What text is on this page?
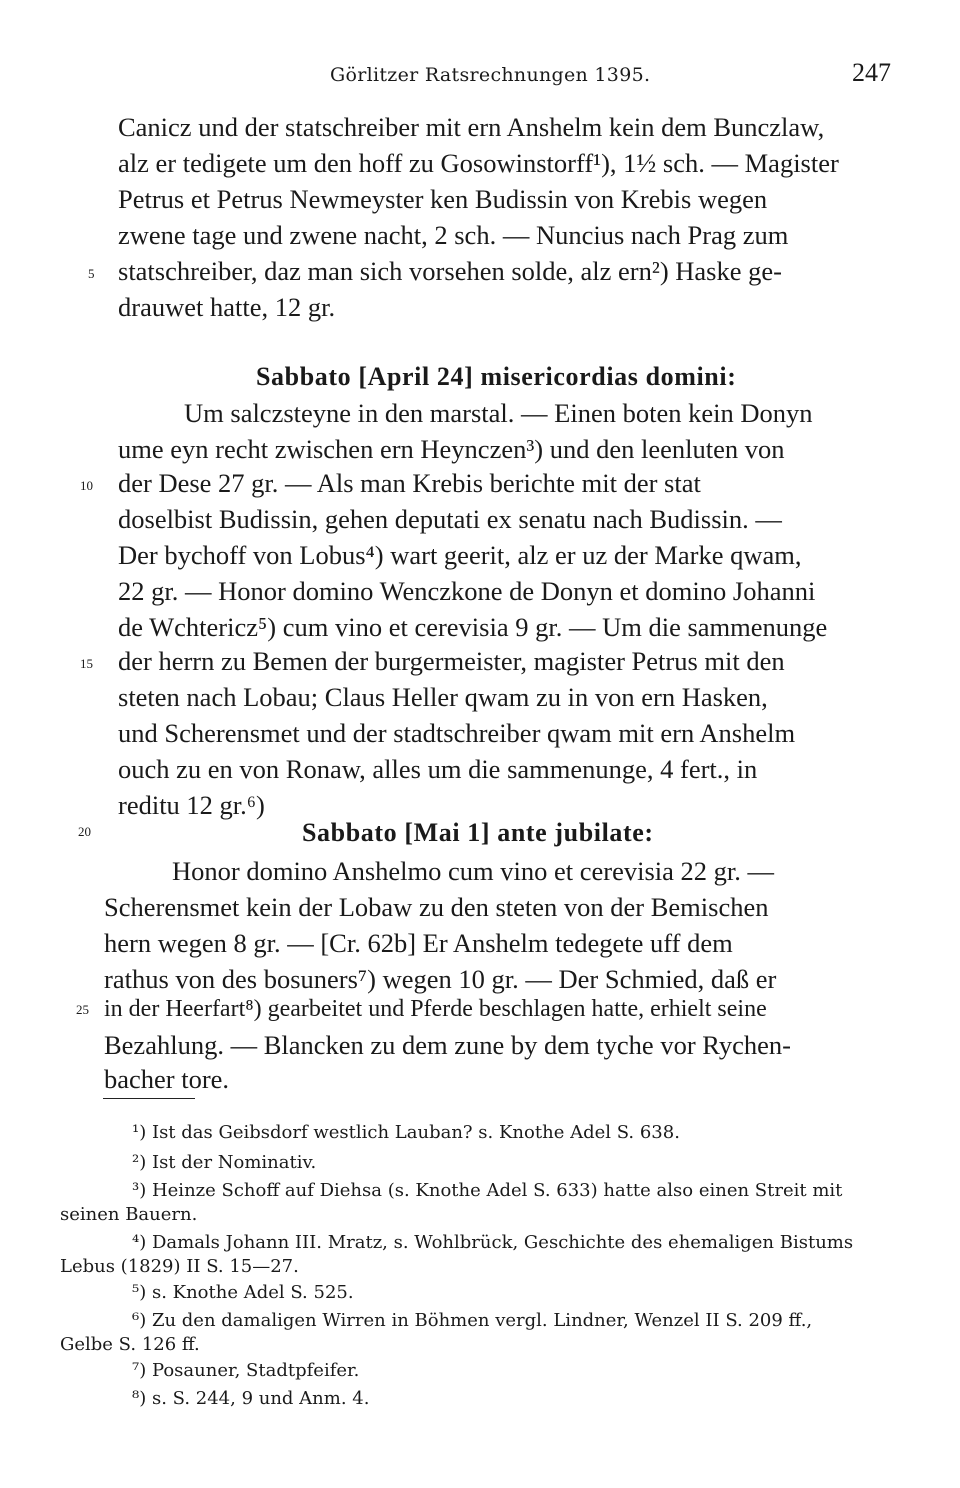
Görlitzer Ratsrechnungen 1395.	247
Canicz und der statschreiber mit ern Anshelm kein dem Bunczlaw,
alz er tedigete um den hoff zu Gosowinstorff¹), 1½ sch. — Magister
Petrus et Petrus Newmeyster ken Budissin von Krebis wegen
zwene tage und zwene nacht, 2 sch. — Nuncius nach Prag zum
5 statschreiber, daz man sich vorsehen solde, alz ern²) Haske ge-
drauwet hatte, 12 gr.
Sabbato [April 24] misericordias domini:
Um salczsteyne in den marstal. — Einen boten kein Donyn
ume eyn recht zwischen ern Heynczen³) und den leenluten von
10 der Dese 27 gr. — Als man Krebis berichte mit der stat
doselbist Budissin, gehen deputati ex senatu nach Budissin. —
Der bychoff von Lobus⁴) wart geerit, alz er uz der Marke qwam,
22 gr. — Honor domino Wenczkone de Donyn et domino Johanni
de Wchtericz⁵) cum vino et cerevisia 9 gr. — Um die sammenunge
15 der herrn zu Bemen der burgermeister, magister Petrus mit den
steten nach Lobau; Claus Heller qwam zu in von ern Hasken,
und Scherensmet und der stadtschreiber qwam mit ern Anshelm
ouch zu en von Ronaw, alles um die sammenunge, 4 fert., in
reditu 12 gr.⁶)
20	Sabbato [Mai 1] ante jubilate:
Honor domino Anshelmo cum vino et cerevisia 22 gr. —
Scherensmet kein der Lobaw zu den steten von der Bemischen
hern wegen 8 gr. — [Cr. 62b] Er Anshelm tedegete uff dem
rathus von des bosuners⁷) wegen 10 gr. — Der Schmied, daß er
25 in der Heerfart⁸) gearbeitet und Pferde beschlagen hatte, erhielt seine
Bezahlung. — Blancken zu dem zune by dem tyche vor Rychen-
bacher tore.
¹) Ist das Geibsdorf westlich Lauban? s. Knothe Adel S. 638.
²) Ist der Nominativ.
³) Heinze Schoff auf Diehsa (s. Knothe Adel S. 633) hatte also einen Streit mit
seinen Bauern.
⁴) Damals Johann III. Mratz, s. Wohlbrück, Geschichte des ehemaligen Bistums
Lebus (1829) II S. 15—27.
⁵) s. Knothe Adel S. 525.
⁶) Zu den damaligen Wirren in Böhmen vergl. Lindner, Wenzel II S. 209 ff.,
Gelbe S. 126 ff.
⁷) Posauner, Stadtpfeifer.
⁸) s. S. 244, 9 und Anm. 4.
